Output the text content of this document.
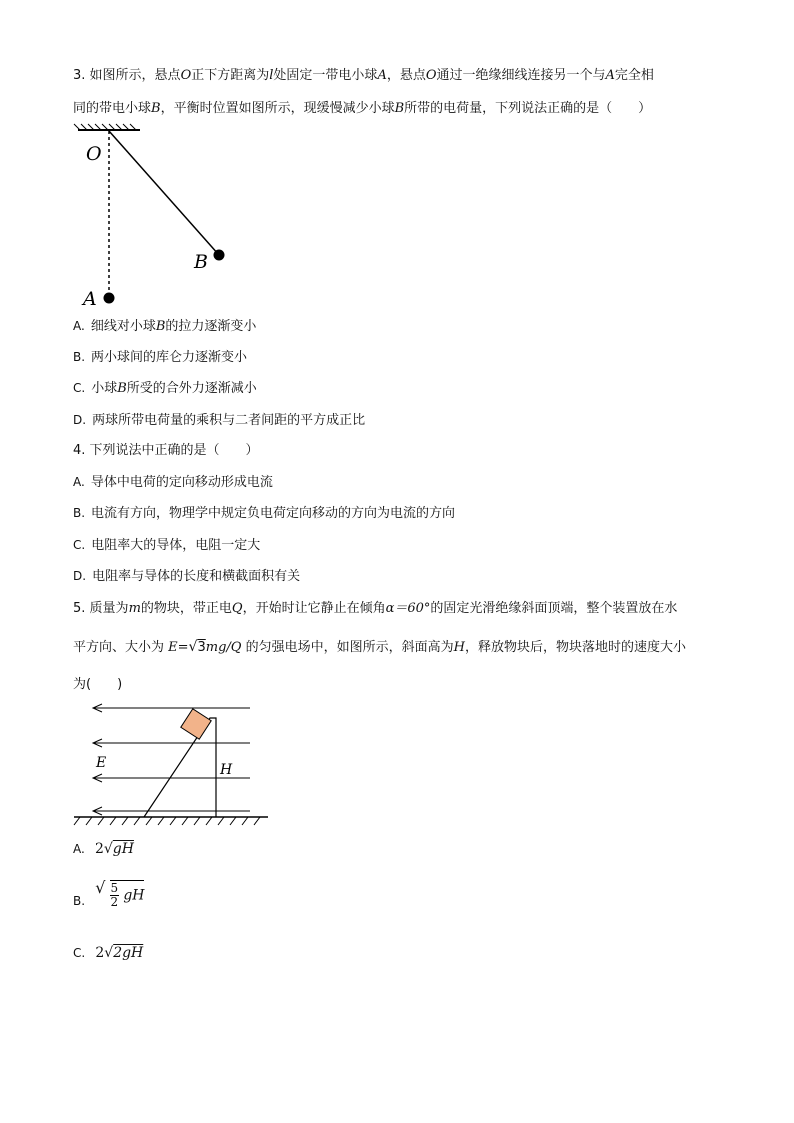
3. 如图所示，悬点O正下方距离为l处固定一带电小球A，悬点O通过一绝缘细线连接另一个与A完全相
同的带电小球B，平衡时位置如图所示，现缓慢减少小球B所带的电荷量，下列说法正确的是（　　）
O
B
A
A. 细线对小球B的拉力逐渐变小
B. 两小球间的库仑力逐渐变小
C. 小球B所受的合外力逐渐减小
D. 两球所带电荷量的乘积与二者间距的平方成正比
4. 下列说法中正确的是（　　）
A. 导体中电荷的定向移动形成电流
B. 电流有方向，物理学中规定负电荷定向移动的方向为电流的方向
C. 电阻率大的导体，电阻一定大
D. 电阻率与导体的长度和横截面积有关
5. 质量为m的物块，带正电Q，开始时让它静止在倾角α＝60°的固定光滑绝缘斜面顶端，整个装置放在水
平方向、大小为 E=√3mg/Q 的匀强电场中，如图所示，斜面高为H，释放物块后，物块落地时的速度大小
为(　　)
E	H
A. 2√gH
B. √ $\frac{5}{2}$ gH
C. 2√2gH
